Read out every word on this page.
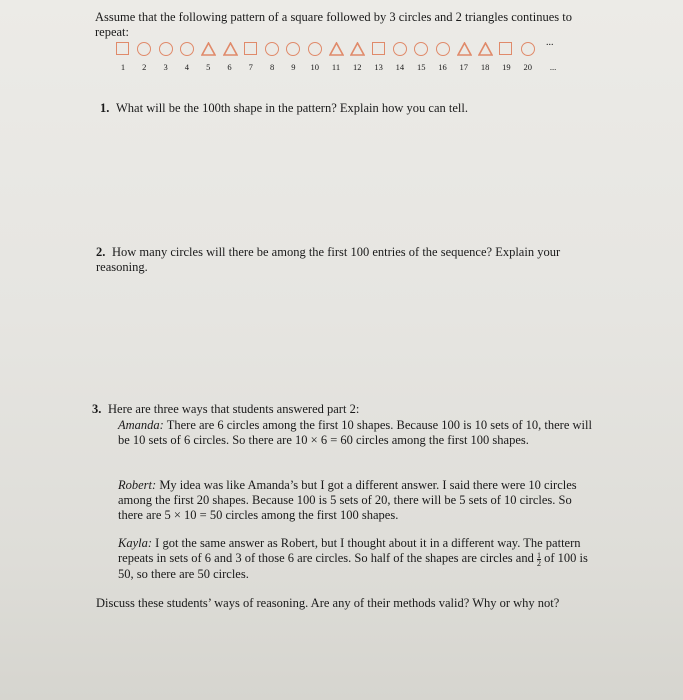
Assume that the following pattern of a square followed by 3 circles and 2 triangles continues to repeat:
...
1	2	3	4	5	6	7	8	9	10	11	12	13	14	15	16	17	18	19	20	...
1. What will be the 100th shape in the pattern? Explain how you can tell.
2. How many circles will there be among the first 100 entries of the sequence? Explain your reasoning.
3. Here are three ways that students answered part 2:
Amanda: There are 6 circles among the first 10 shapes. Because 100 is 10 sets of 10, there will be 10 sets of 6 circles. So there are 10 × 6 = 60 circles among the first 100 shapes.
Robert: My idea was like Amanda’s but I got a different answer. I said there were 10 circles among the first 20 shapes. Because 100 is 5 sets of 20, there will be 5 sets of 10 circles. So there are 5 × 10 = 50 circles among the first 100 shapes.
Kayla: I got the same answer as Robert, but I thought about it in a different way. The pattern repeats in sets of 6 and 3 of those 6 are circles. So half of the shapes are circles and $\frac{1}{2}$ of 100 is 50, so there are 50 circles.
Discuss these students’ ways of reasoning. Are any of their methods valid? Why or why not?
